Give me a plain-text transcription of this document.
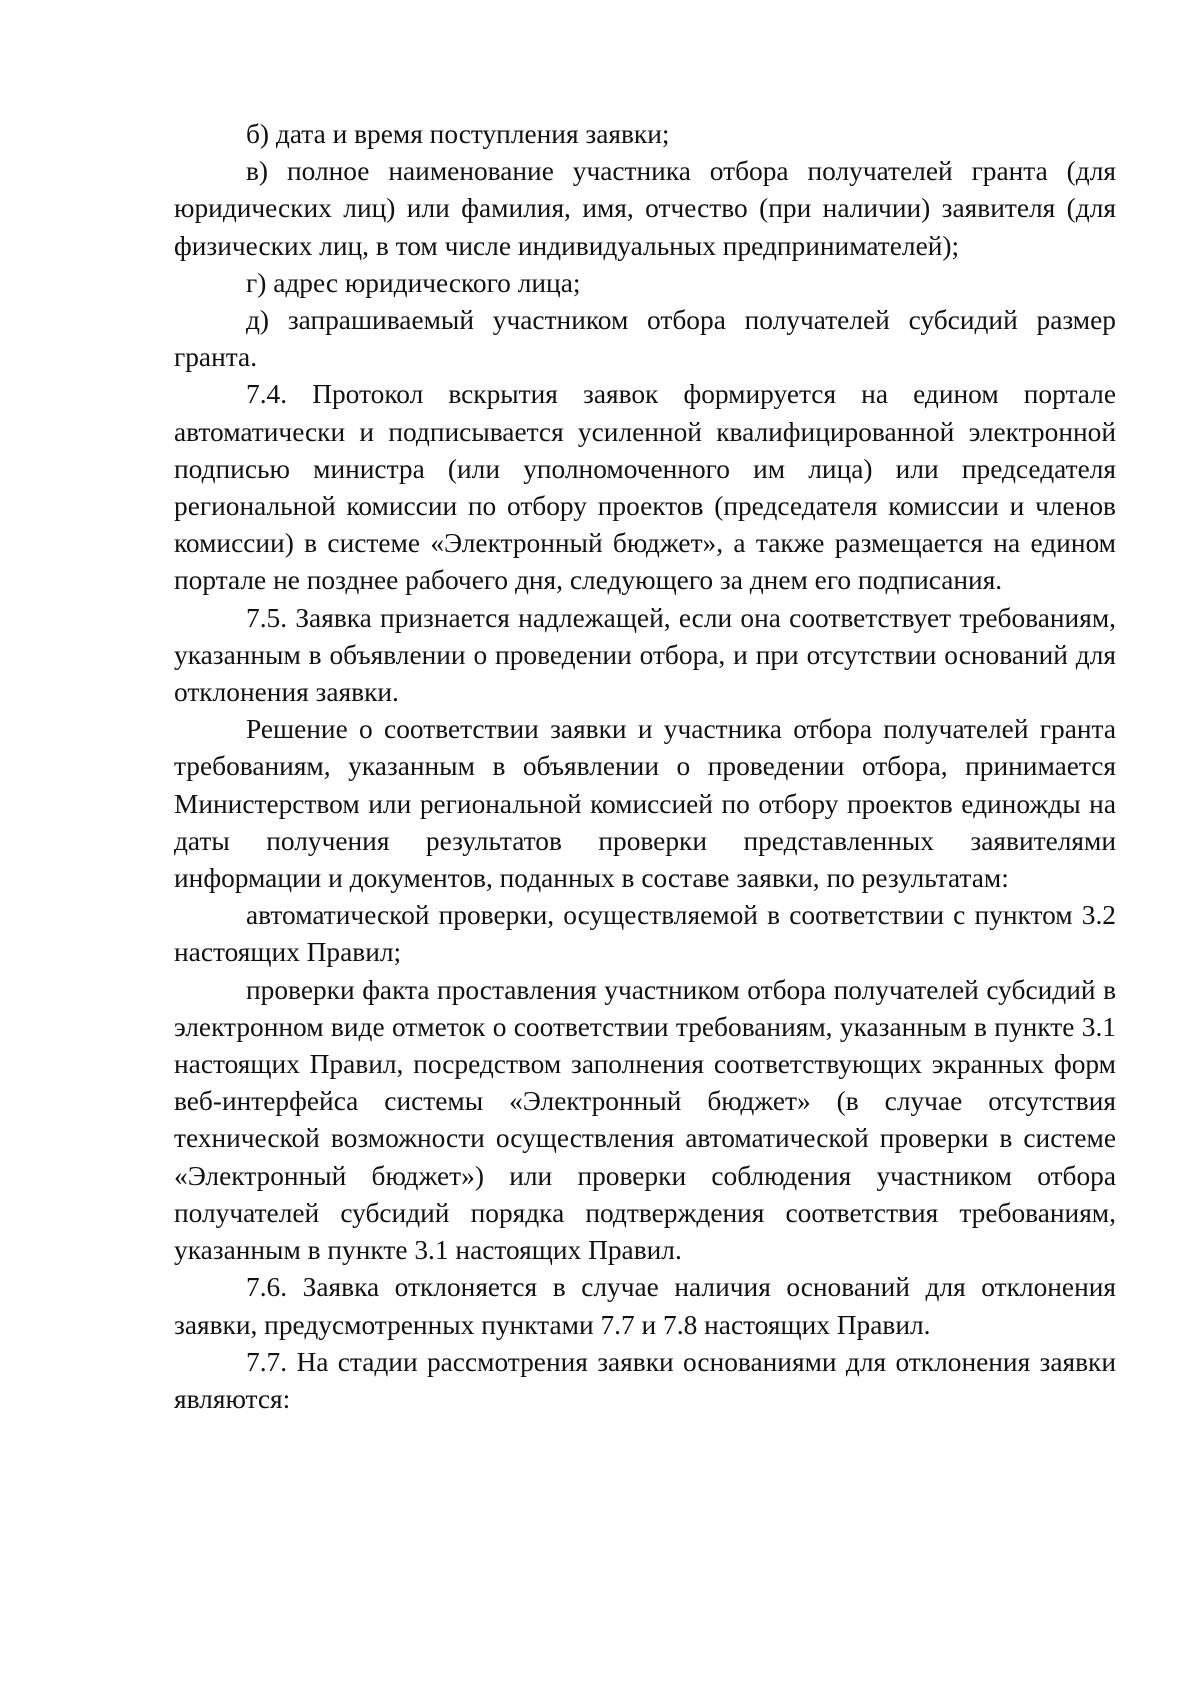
б) дата и время поступления заявки;

в) полное наименование участника отбора получателей гранта (для юридических лиц) или фамилия, имя, отчество (при наличии) заявителя (для физических лиц, в том числе индивидуальных предпринимателей);

г) адрес юридического лица;

д) запрашиваемый участником отбора получателей субсидий размер гранта.

7.4. Протокол вскрытия заявок формируется на едином портале автоматически и подписывается усиленной квалифицированной электронной подписью министра (или уполномоченного им лица) или председателя региональной комиссии по отбору проектов (председателя комиссии и членов комиссии) в системе «Электронный бюджет», а также размещается на едином портале не позднее рабочего дня, следующего за днем его подписания.

7.5. Заявка признается надлежащей, если она соответствует требованиям, указанным в объявлении о проведении отбора, и при отсутствии оснований для отклонения заявки.

Решение о соответствии заявки и участника отбора получателей гранта требованиям, указанным в объявлении о проведении отбора, принимается Министерством или региональной комиссией по отбору проектов единожды на даты получения результатов проверки представленных заявителями информации и документов, поданных в составе заявки, по результатам:

автоматической проверки, осуществляемой в соответствии с пунктом 3.2 настоящих Правил;

проверки факта проставления участником отбора получателей субсидий в электронном виде отметок о соответствии требованиям, указанным в пункте 3.1 настоящих Правил, посредством заполнения соответствующих экранных форм веб-интерфейса системы «Электронный бюджет» (в случае отсутствия технической возможности осуществления автоматической проверки в системе «Электронный бюджет») или проверки соблюдения участником отбора получателей субсидий порядка подтверждения соответствия требованиям, указанным в пункте 3.1 настоящих Правил.

7.6. Заявка отклоняется в случае наличия оснований для отклонения заявки, предусмотренных пунктами 7.7 и 7.8 настоящих Правил.

7.7. На стадии рассмотрения заявки основаниями для отклонения заявки являются:
